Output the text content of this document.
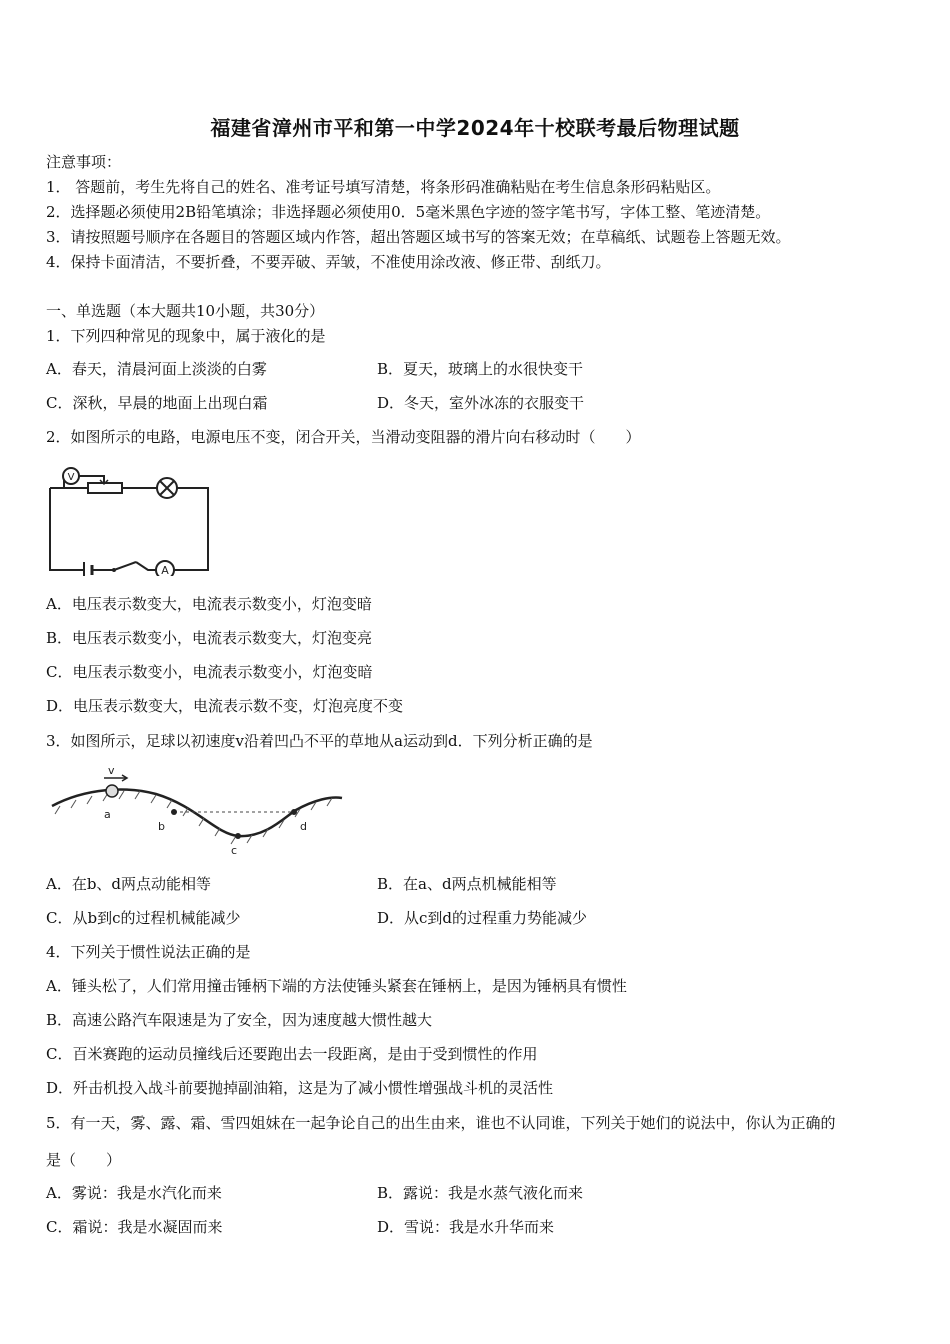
福建省漳州市平和第一中学2024年十校联考最后物理试题
注意事项：
1． 答题前，考生先将自己的姓名、准考证号填写清楚，将条形码准确粘贴在考生信息条形码粘贴区。
2．选择题必须使用2B铅笔填涂；非选择题必须使用0．5毫米黑色字迹的签字笔书写，字体工整、笔迹清楚。
3．请按照题号顺序在各题目的答题区域内作答，超出答题区域书写的答案无效；在草稿纸、试题卷上答题无效。
4．保持卡面清洁，不要折叠，不要弄破、弄皱，不准使用涂改液、修正带、刮纸刀。
一、单选题（本大题共10小题，共30分）
1．下列四种常见的现象中，属于液化的是
A．春天，清晨河面上淡淡的白雾	B．夏天，玻璃上的水很快变干
C．深秋，早晨的地面上出现白霜	D．冬天，室外冰冻的衣服变干
2．如图所示的电路，电源电压不变，闭合开关，当滑动变阻器的滑片向右移动时（　　）
A
V
A．电压表示数变大，电流表示数变小，灯泡变暗
B．电压表示数变小，电流表示数变大，灯泡变亮
C．电压表示数变小，电流表示数变小，灯泡变暗
D．电压表示数变大，电流表示数不变，灯泡亮度不变
3．如图所示，足球以初速度v沿着凹凸不平的草地从a运动到d．下列分析正确的是
v
a
b
c
d
A．在b、d两点动能相等	B．在a、d两点机械能相等
C．从b到c的过程机械能减少	D．从c到d的过程重力势能减少
4．下列关于惯性说法正确的是
A．锤头松了，人们常用撞击锤柄下端的方法使锤头紧套在锤柄上，是因为锤柄具有惯性
B．高速公路汽车限速是为了安全，因为速度越大惯性越大
C．百米赛跑的运动员撞线后还要跑出去一段距离，是由于受到惯性的作用
D．歼击机投入战斗前要抛掉副油箱，这是为了减小惯性增强战斗机的灵活性
5．有一天，雾、露、霜、雪四姐妹在一起争论自己的出生由来，谁也不认同谁，下列关于她们的说法中，你认为正确的
是（　　）
A．雾说：我是水汽化而来	B．露说：我是水蒸气液化而来
C．霜说：我是水凝固而来	D．雪说：我是水升华而来
